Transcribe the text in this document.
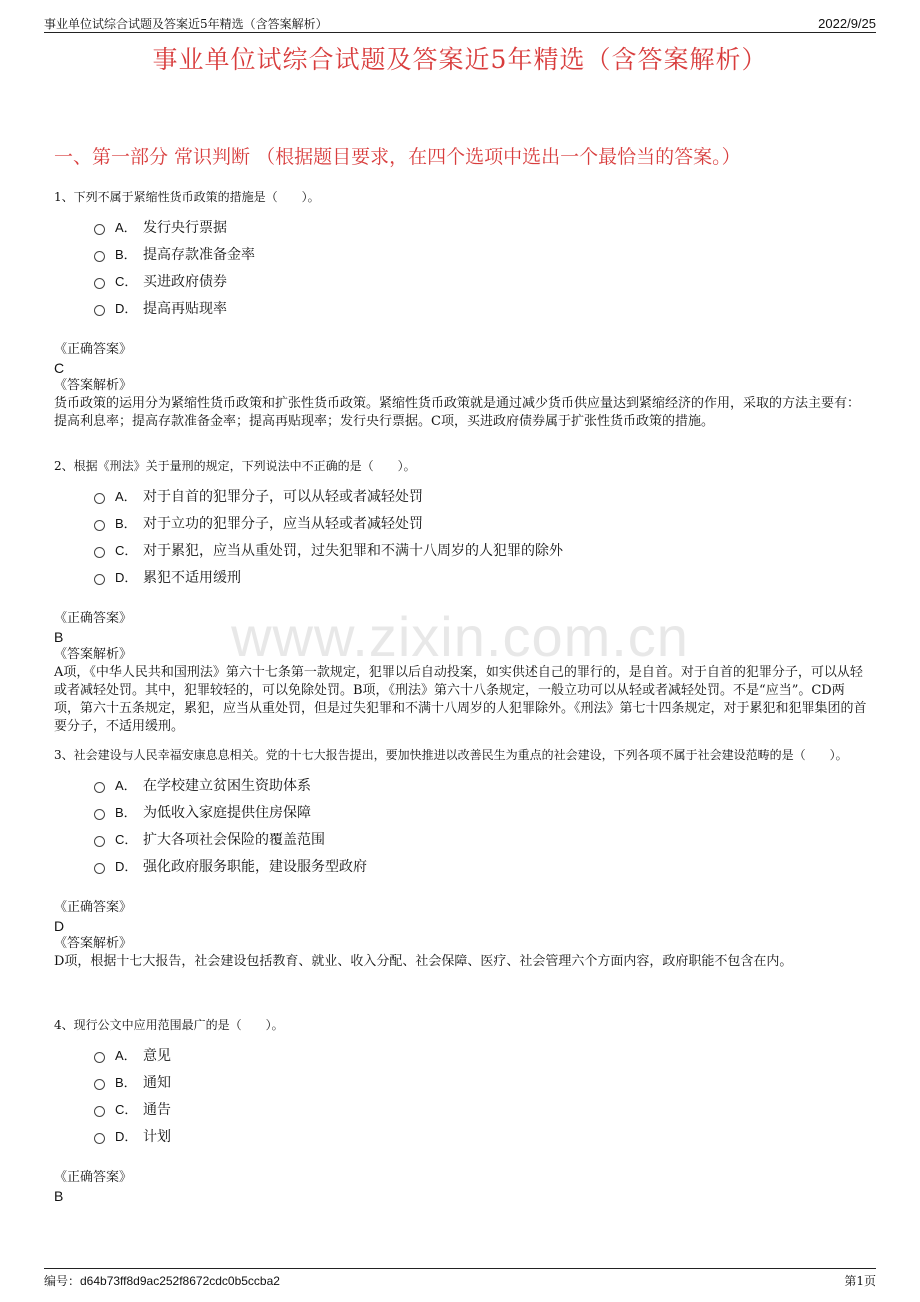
事业单位试综合试题及答案近5年精选（含答案解析）	2022/9/25
事业单位试综合试题及答案近5年精选（含答案解析）
一、第一部分 常识判断 （根据题目要求，在四个选项中选出一个最恰当的答案。）
www.zixin.com.cn
1、下列不属于紧缩性货币政策的措施是（　　）。
A． 发行央行票据
B． 提高存款准备金率
C． 买进政府债券
D． 提高再贴现率
《正确答案》
C
《答案解析》
货币政策的运用分为紧缩性货币政策和扩张性货币政策。紧缩性货币政策就是通过减少货币供应量达到紧缩经济的作用，采取的方法主要有：提高利息率；提高存款准备金率；提高再贴现率；发行央行票据。C项，买进政府债券属于扩张性货币政策的措施。
2、根据《刑法》关于量刑的规定，下列说法中不正确的是（　　）。
A． 对于自首的犯罪分子，可以从轻或者减轻处罚
B． 对于立功的犯罪分子，应当从轻或者减轻处罚
C． 对于累犯，应当从重处罚，过失犯罪和不满十八周岁的人犯罪的除外
D． 累犯不适用缓刑
《正确答案》
B
《答案解析》
A项，《中华人民共和国刑法》第六十七条第一款规定，犯罪以后自动投案，如实供述自己的罪行的，是自首。对于自首的犯罪分子，可以从轻或者减轻处罚。其中，犯罪较轻的，可以免除处罚。B项，《刑法》第六十八条规定，一般立功可以从轻或者减轻处罚。不是“应当”。CD两项，第六十五条规定，累犯，应当从重处罚，但是过失犯罪和不满十八周岁的人犯罪除外。《刑法》第七十四条规定，对于累犯和犯罪集团的首要分子，不适用缓刑。
3、社会建设与人民幸福安康息息相关。党的十七大报告提出，要加快推进以改善民生为重点的社会建设，下列各项不属于社会建设范畴的是（　　）。
A． 在学校建立贫困生资助体系
B． 为低收入家庭提供住房保障
C． 扩大各项社会保险的覆盖范围
D． 强化政府服务职能，建设服务型政府
《正确答案》
D
《答案解析》
D项，根据十七大报告，社会建设包括教育、就业、收入分配、社会保障、医疗、社会管理六个方面内容，政府职能不包含在内。
4、现行公文中应用范围最广的是（　　）。
A． 意见
B． 通知
C． 通告
D． 计划
《正确答案》
B
编号：d64b73ff8d9ac252f8672cdc0b5ccba2	第1页
